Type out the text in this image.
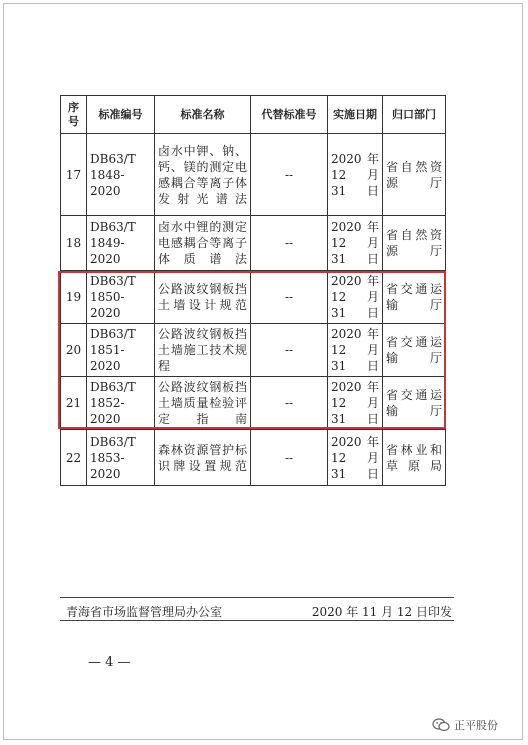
序号	标准编号	标准名称	代替标准号	实施日期	归口部门
17	DB63/T 1848-2020	卤水中钾、钠、钙、镁的测定电感耦合等离子体发射光谱法	--	2020 年 12 月 31 日	省自然资源厅
18	DB63/T 1849-2020	卤水中锂的测定电感耦合等离子体质谱法	--	2020 年 12 月 31 日	省自然资源厅
19	DB63/T 1850-2020	公路波纹钢板挡土墙设计规范	--	2020 年 12 月 31 日	省交通运输厅
20	DB63/T 1851-2020	公路波纹钢板挡土墙施工技术规程	--	2020 年 12 月 31 日	省交通运输厅
21	DB63/T 1852-2020	公路波纹钢板挡土墙质量检验评定指南	--	2020 年 12 月 31 日	省交通运输厅
22	DB63/T 1853-2020	森林资源管护标识牌设置规范	--	2020 年 12 月 31 日	省林业和草原局
青海省市场监督管理局办公室	2020 年 11 月 12 日印发
— 4 —
正平股份
